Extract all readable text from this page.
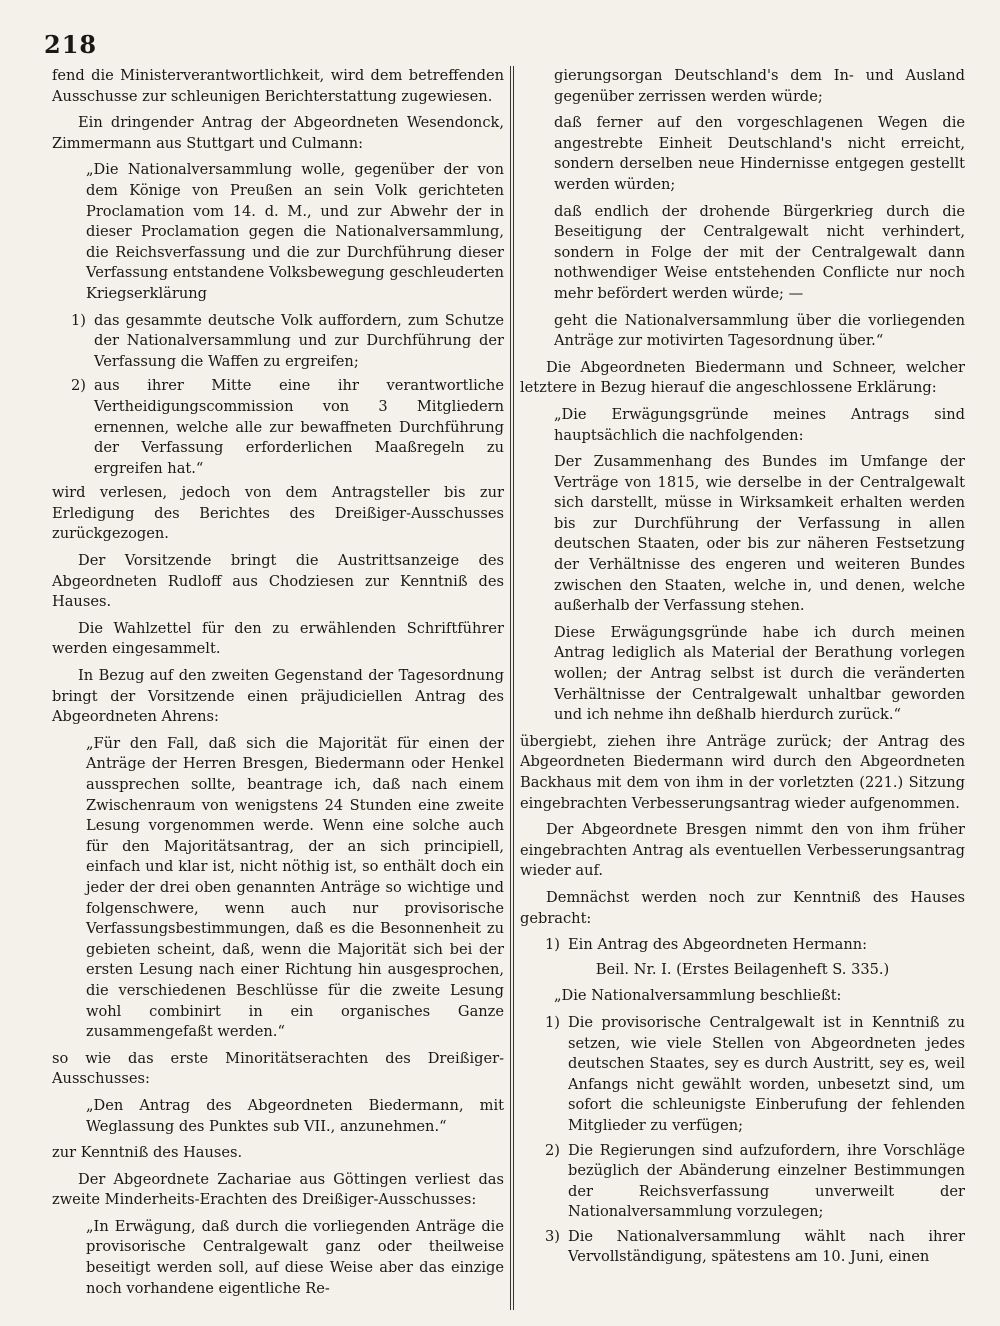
218

fend die Ministerverantwortlichkeit, wird dem betreffenden Ausschusse zur schleunigen Berichterstattung zugewiesen.

Ein dringender Antrag der Abgeordneten Wesendonck, Zimmermann aus Stuttgart und Culmann:

„Die Nationalversammlung wolle, gegenüber der von dem Könige von Preußen an sein Volk gerichteten Proclamation vom 14. d. M., und zur Abwehr der in dieser Proclamation gegen die Nationalversammlung, die Reichsverfassung und die zur Durchführung dieser Verfassung entstandene Volksbewegung geschleuderten Kriegserklärung

1) das gesammte deutsche Volk auffordern, zum Schutze der Nationalversammlung und zur Durchführung der Verfassung die Waffen zu ergreifen;
2) aus ihrer Mitte eine ihr verantwortliche Vertheidigungscommission von 3 Mitgliedern ernennen, welche alle zur bewaffneten Durchführung der Verfassung erforderlichen Maaßregeln zu ergreifen hat.“

wird verlesen, jedoch von dem Antragsteller bis zur Erledigung des Berichtes des Dreißiger-Ausschusses zurückgezogen.

Der Vorsitzende bringt die Austrittsanzeige des Abgeordneten Rudloff aus Chodziesen zur Kenntniß des Hauses.

Die Wahlzettel für den zu erwählenden Schriftführer werden eingesammelt.

In Bezug auf den zweiten Gegenstand der Tagesordnung bringt der Vorsitzende einen präjudiciellen Antrag des Abgeordneten Ahrens:

„Für den Fall, daß sich die Majorität für einen der Anträge der Herren Bresgen, Biedermann oder Henkel aussprechen sollte, beantrage ich, daß nach einem Zwischenraum von wenigstens 24 Stunden eine zweite Lesung vorgenommen werde. Wenn eine solche auch für den Majoritätsantrag, der an sich principiell, einfach und klar ist, nicht nöthig ist, so enthält doch ein jeder der drei oben genannten Anträge so wichtige und folgenschwere, wenn auch nur provisorische Verfassungsbestimmungen, daß es die Besonnenheit zu gebieten scheint, daß, wenn die Majorität sich bei der ersten Lesung nach einer Richtung hin ausgesprochen, die verschiedenen Beschlüsse für die zweite Lesung wohl combinirt in ein organisches Ganze zusammengefaßt werden.“

so wie das erste Minoritätserachten des Dreißiger-Ausschusses:

„Den Antrag des Abgeordneten Biedermann, mit Weglassung des Punktes sub VII., anzunehmen.“

zur Kenntniß des Hauses.

Der Abgeordnete Zachariae aus Göttingen verliest das zweite Minderheits-Erachten des Dreißiger-Ausschusses:

„In Erwägung, daß durch die vorliegenden Anträge die provisorische Centralgewalt ganz oder theilweise beseitigt werden soll, auf diese Weise aber das einzige noch vorhandene eigentliche Re-

gierungsorgan Deutschland's dem In- und Ausland gegenüber zerrissen werden würde;

daß ferner auf den vorgeschlagenen Wegen die angestrebte Einheit Deutschland's nicht erreicht, sondern derselben neue Hindernisse entgegen gestellt werden würden;

daß endlich der drohende Bürgerkrieg durch die Beseitigung der Centralgewalt nicht verhindert, sondern in Folge der mit der Centralgewalt dann nothwendiger Weise entstehenden Conflicte nur noch mehr befördert werden würde; —

geht die Nationalversammlung über die vorliegenden Anträge zur motivirten Tagesordnung über.“

Die Abgeordneten Biedermann und Schneer, welcher letztere in Bezug hierauf die angeschlossene Erklärung:

„Die Erwägungsgründe meines Antrags sind hauptsächlich die nachfolgenden:

Der Zusammenhang des Bundes im Umfange der Verträge von 1815, wie derselbe in der Centralgewalt sich darstellt, müsse in Wirksamkeit erhalten werden bis zur Durchführung der Verfassung in allen deutschen Staaten, oder bis zur näheren Festsetzung der Verhältnisse des engeren und weiteren Bundes zwischen den Staaten, welche in, und denen, welche außerhalb der Verfassung stehen.

Diese Erwägungsgründe habe ich durch meinen Antrag lediglich als Material der Berathung vorlegen wollen; der Antrag selbst ist durch die veränderten Verhältnisse der Centralgewalt unhaltbar geworden und ich nehme ihn deßhalb hierdurch zurück.“

übergiebt, ziehen ihre Anträge zurück; der Antrag des Abgeordneten Biedermann wird durch den Abgeordneten Backhaus mit dem von ihm in der vorletzten (221.) Sitzung eingebrachten Verbesserungsantrag wieder aufgenommen.

Der Abgeordnete Bresgen nimmt den von ihm früher eingebrachten Antrag als eventuellen Verbesserungsantrag wieder auf.

Demnächst werden noch zur Kenntniß des Hauses gebracht:

1) Ein Antrag des Abgeordneten Hermann:

Beil. Nr. I. (Erstes Beilagenheft S. 335.)

„Die Nationalversammlung beschließt:

1) Die provisorische Centralgewalt ist in Kenntniß zu setzen, wie viele Stellen von Abgeordneten jedes deutschen Staates, sey es durch Austritt, sey es, weil Anfangs nicht gewählt worden, unbesetzt sind, um sofort die schleunigste Einberufung der fehlenden Mitglieder zu verfügen;
2) Die Regierungen sind aufzufordern, ihre Vorschläge bezüglich der Abänderung einzelner Bestimmungen der Reichsverfassung unverweilt der Nationalversammlung vorzulegen;
3) Die Nationalversammlung wählt nach ihrer Vervollständigung, spätestens am 10. Juni, einen
